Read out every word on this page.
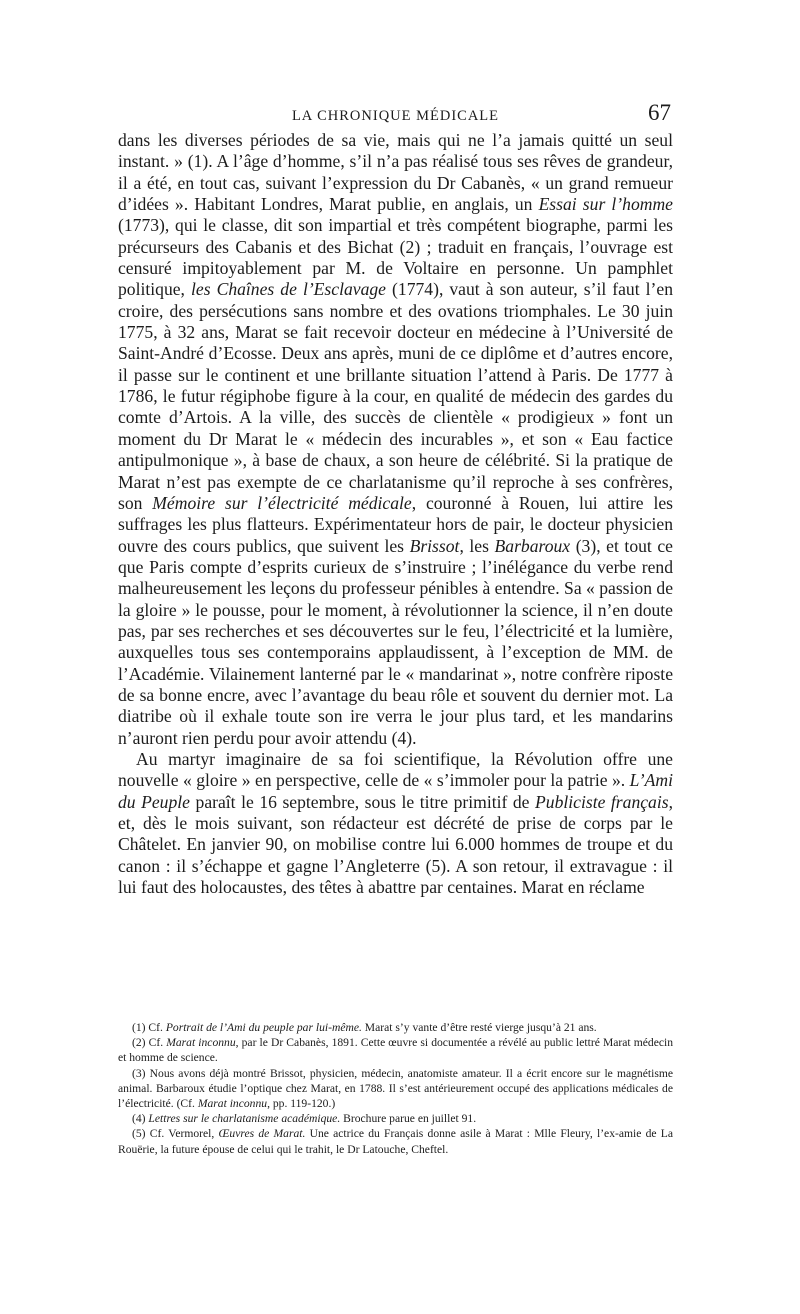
LA CHRONIQUE MÉDICALE	67

dans les diverses périodes de sa vie, mais qui ne l’a jamais quitté un seul instant. » (1). A l’âge d’homme, s’il n’a pas réalisé tous ses rêves de grandeur, il a été, en tout cas, suivant l’expression du Dr Cabanès, « un grand remueur d’idées ». Habitant Londres, Marat publie, en anglais, un Essai sur l’homme (1773), qui le classe, dit son impartial et très compétent biographe, parmi les précurseurs des Cabanis et des Bichat (2) ; traduit en français, l’ouvrage est censuré impitoyablement par M. de Voltaire en personne. Un pamphlet politique, les Chaînes de l’Esclavage (1774), vaut à son auteur, s’il faut l’en croire, des persécutions sans nombre et des ovations triomphales. Le 30 juin 1775, à 32 ans, Marat se fait recevoir docteur en médecine à l’Université de Saint-André d’Ecosse. Deux ans après, muni de ce diplôme et d’autres encore, il passe sur le continent et une brillante situation l’attend à Paris. De 1777 à 1786, le futur régiphobe figure à la cour, en qualité de médecin des gardes du comte d’Artois. A la ville, des succès de clientèle « prodigieux » font un moment du Dr Marat le « médecin des incurables », et son « Eau factice antipulmonique », à base de chaux, a son heure de célébrité. Si la pratique de Marat n’est pas exempte de ce charlatanisme qu’il reproche à ses confrères, son Mémoire sur l’électricité médicale, couronné à Rouen, lui attire les suffrages les plus flatteurs. Expérimentateur hors de pair, le docteur physicien ouvre des cours publics, que suivent les Brissot, les Barbaroux (3), et tout ce que Paris compte d’esprits curieux de s’instruire ; l’inélégance du verbe rend malheureusement les leçons du professeur pénibles à entendre. Sa « passion de la gloire » le pousse, pour le moment, à révolutionner la science, il n’en doute pas, par ses recherches et ses découvertes sur le feu, l’électricité et la lumière, auxquelles tous ses contemporains applaudissent, à l’exception de MM. de l’Académie. Vilainement lanterné par le « mandarinat », notre confrère riposte de sa bonne encre, avec l’avantage du beau rôle et souvent du dernier mot. La diatribe où il exhale toute son ire verra le jour plus tard, et les mandarins n’auront rien perdu pour avoir attendu (4).

Au martyr imaginaire de sa foi scientifique, la Révolution offre une nouvelle « gloire » en perspective, celle de « s’immoler pour la patrie ». L’Ami du Peuple paraît le 16 septembre, sous le titre primitif de Publiciste français, et, dès le mois suivant, son rédacteur est décrété de prise de corps par le Châtelet. En janvier 90, on mobilise contre lui 6.000 hommes de troupe et du canon : il s’échappe et gagne l’Angleterre (5). A son retour, il extravague : il lui faut des holocaustes, des têtes à abattre par centaines. Marat en réclame

(1) Cf. Portrait de l’Ami du peuple par lui-même. Marat s’y vante d’être resté vierge jusqu’à 21 ans.

(2) Cf. Marat inconnu, par le Dr Cabanès, 1891. Cette œuvre si documentée a révélé au public lettré Marat médecin et homme de science.

(3) Nous avons déjà montré Brissot, physicien, médecin, anatomiste amateur. Il a écrit encore sur le magnétisme animal. Barbaroux étudie l’optique chez Marat, en 1788. Il s’est antérieurement occupé des applications médicales de l’électricité. (Cf. Marat inconnu, pp. 119-120.)

(4) Lettres sur le charlatanisme académique. Brochure parue en juillet 91.

(5) Cf. Vermorel, Œuvres de Marat. Une actrice du Français donne asile à Marat : Mlle Fleury, l’ex-amie de La Rouërie, la future épouse de celui qui le trahit, le Dr Latouche, Cheftel.
